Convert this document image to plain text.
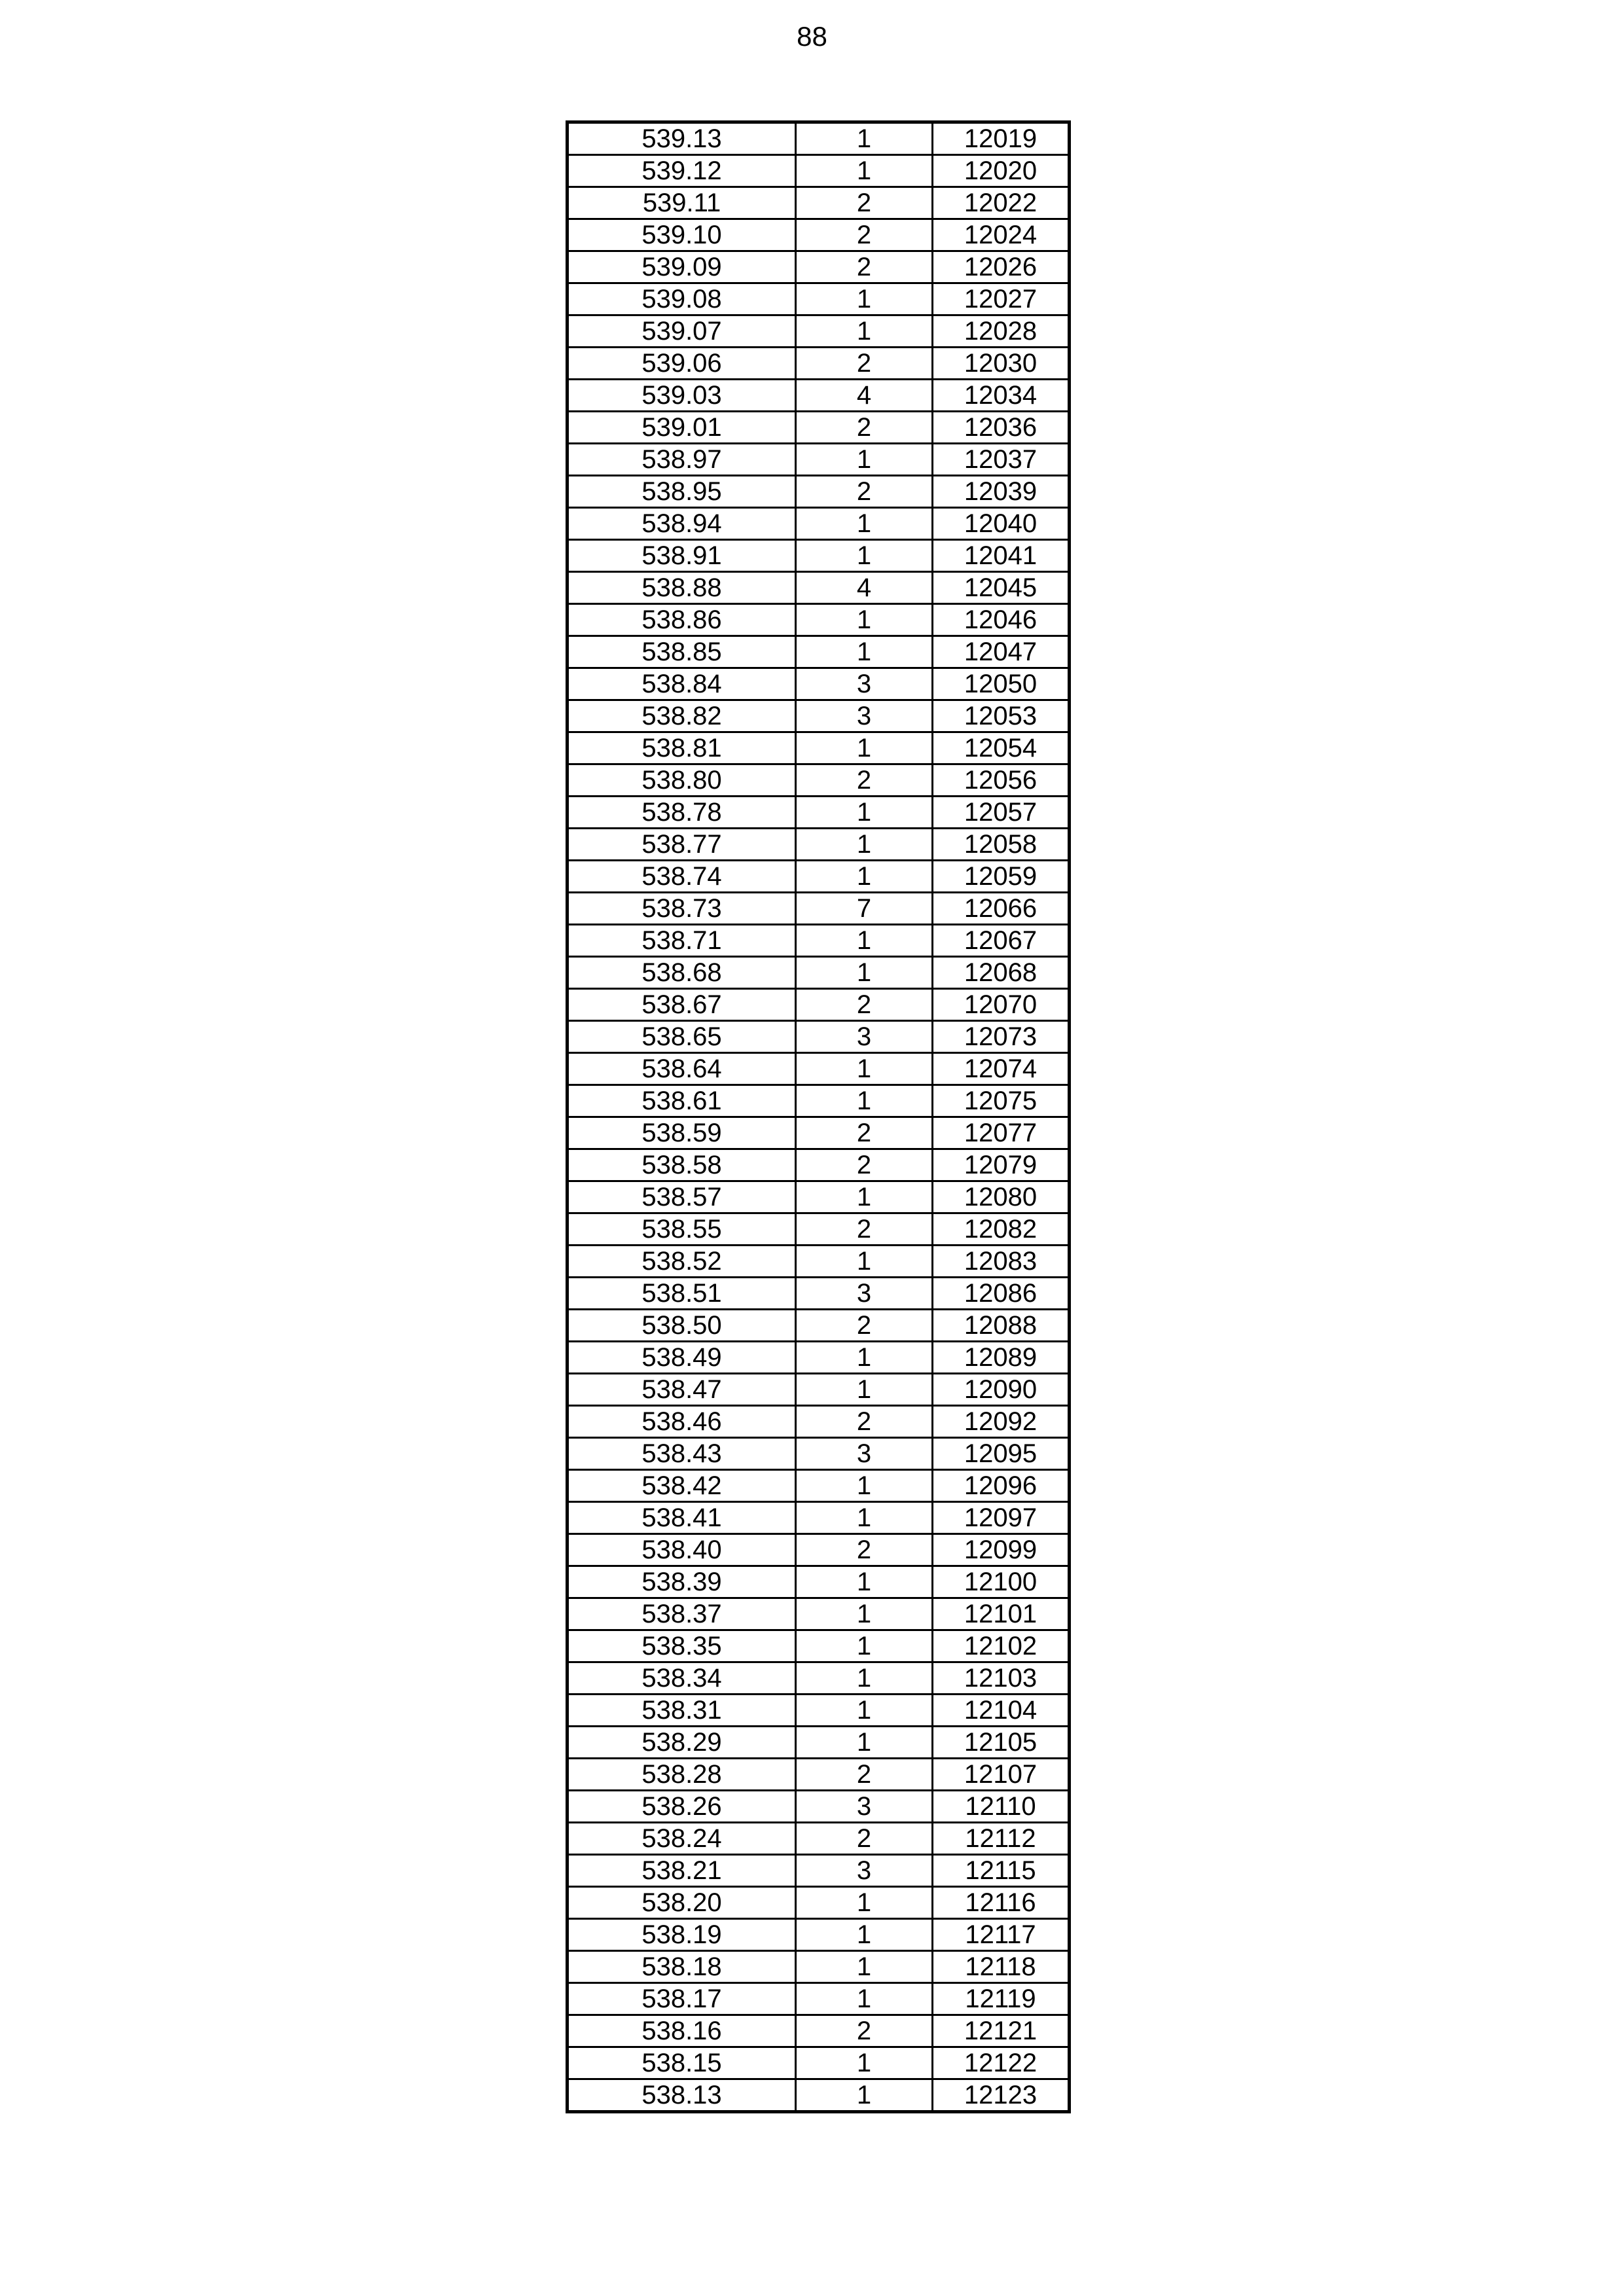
88
539.13	1	12019
539.12	1	12020
539.11	2	12022
539.10	2	12024
539.09	2	12026
539.08	1	12027
539.07	1	12028
539.06	2	12030
539.03	4	12034
539.01	2	12036
538.97	1	12037
538.95	2	12039
538.94	1	12040
538.91	1	12041
538.88	4	12045
538.86	1	12046
538.85	1	12047
538.84	3	12050
538.82	3	12053
538.81	1	12054
538.80	2	12056
538.78	1	12057
538.77	1	12058
538.74	1	12059
538.73	7	12066
538.71	1	12067
538.68	1	12068
538.67	2	12070
538.65	3	12073
538.64	1	12074
538.61	1	12075
538.59	2	12077
538.58	2	12079
538.57	1	12080
538.55	2	12082
538.52	1	12083
538.51	3	12086
538.50	2	12088
538.49	1	12089
538.47	1	12090
538.46	2	12092
538.43	3	12095
538.42	1	12096
538.41	1	12097
538.40	2	12099
538.39	1	12100
538.37	1	12101
538.35	1	12102
538.34	1	12103
538.31	1	12104
538.29	1	12105
538.28	2	12107
538.26	3	12110
538.24	2	12112
538.21	3	12115
538.20	1	12116
538.19	1	12117
538.18	1	12118
538.17	1	12119
538.16	2	12121
538.15	1	12122
538.13	1	12123
